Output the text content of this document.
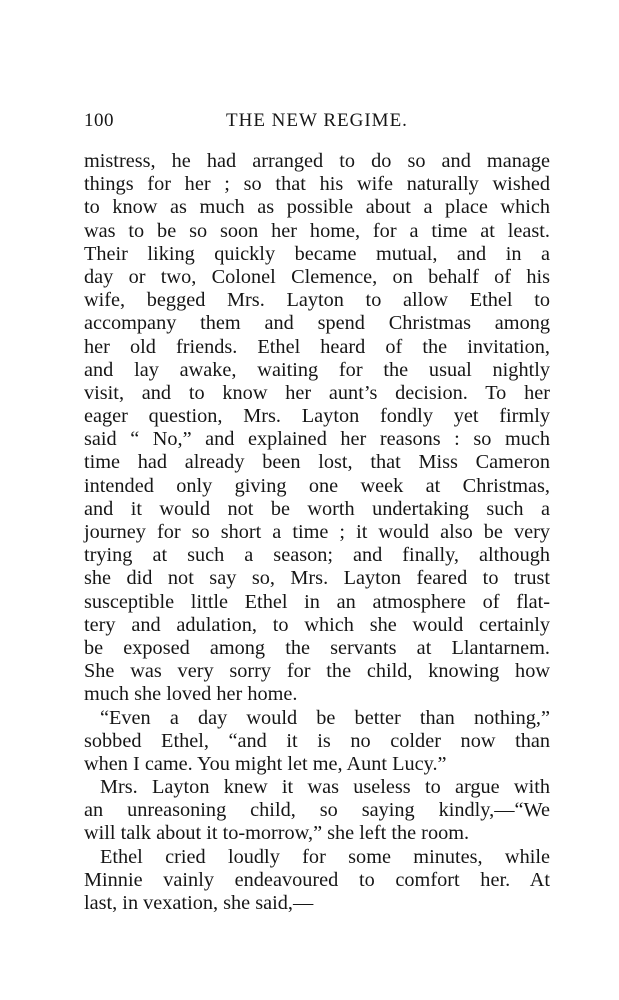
100	THE NEW REGIME.
mistress, he had arranged to do so and manage
things for her ; so that his wife naturally wished
to know as much as possible about a place which
was to be so soon her home, for a time at least.
Their liking quickly became mutual, and in a
day or two, Colonel Clemence, on behalf of his
wife, begged Mrs. Layton to allow Ethel to
accompany them and spend Christmas among
her old friends. Ethel heard of the invitation,
and lay awake, waiting for the usual nightly
visit, and to know her aunt’s decision. To her
eager question, Mrs. Layton fondly yet firmly
said “ No,” and explained her reasons : so much
time had already been lost, that Miss Cameron
intended only giving one week at Christmas,
and it would not be worth undertaking such a
journey for so short a time ; it would also be very
trying at such a season; and finally, although
she did not say so, Mrs. Layton feared to trust
susceptible little Ethel in an atmosphere of flat-
tery and adulation, to which she would certainly
be exposed among the servants at Llantarnem.
She was very sorry for the child, knowing how
much she loved her home.
“Even a day would be better than nothing,”
sobbed Ethel, “and it is no colder now than
when I came. You might let me, Aunt Lucy.”
Mrs. Layton knew it was useless to argue with
an unreasoning child, so saying kindly,—“We
will talk about it to-morrow,” she left the room.
Ethel cried loudly for some minutes, while
Minnie vainly endeavoured to comfort her. At
last, in vexation, she said,—
